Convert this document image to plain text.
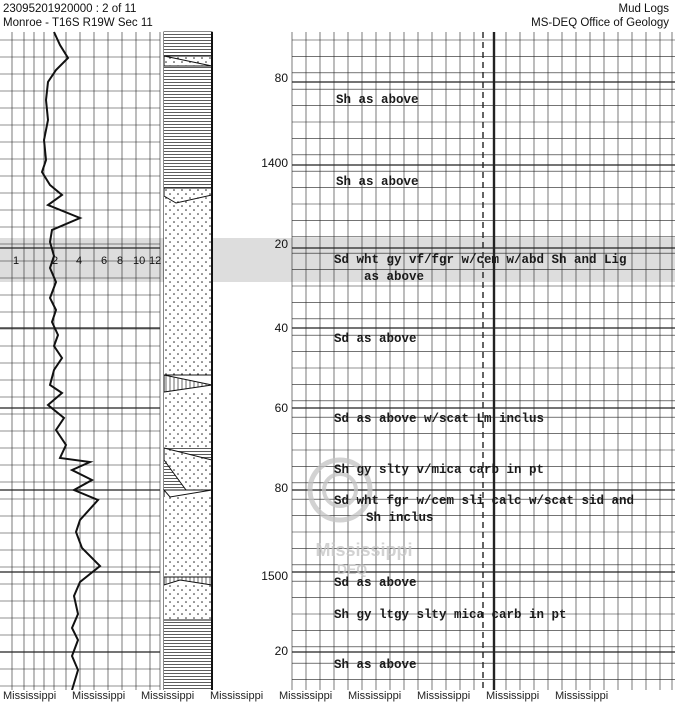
80
1400
20
40
60
80
1500
20
1	2 4 6 8 10 12
Mississippi
DEQ
Sh as above
Sh as above
Sd wht gy vf/fgr w/cem w/abd Sh and Lig
as above
Sd as above
Sd as above w/scat Lm inclus
Sh gy slty v/mica carb in pt
Sd wht fgr w/cem sli calc w/scat sid and
Sh inclus
Sd as above
Sh gy ltgy slty mica carb in pt
Sh as above
23095201920000 : 2 of 11
Monroe - T16S R19W Sec 11
Mud Logs
MS-DEQ Office of Geology
Mississippi Mississippi Mississippi Mississippi Mississippi Mississippi Mississippi Mississippi Mississippi
